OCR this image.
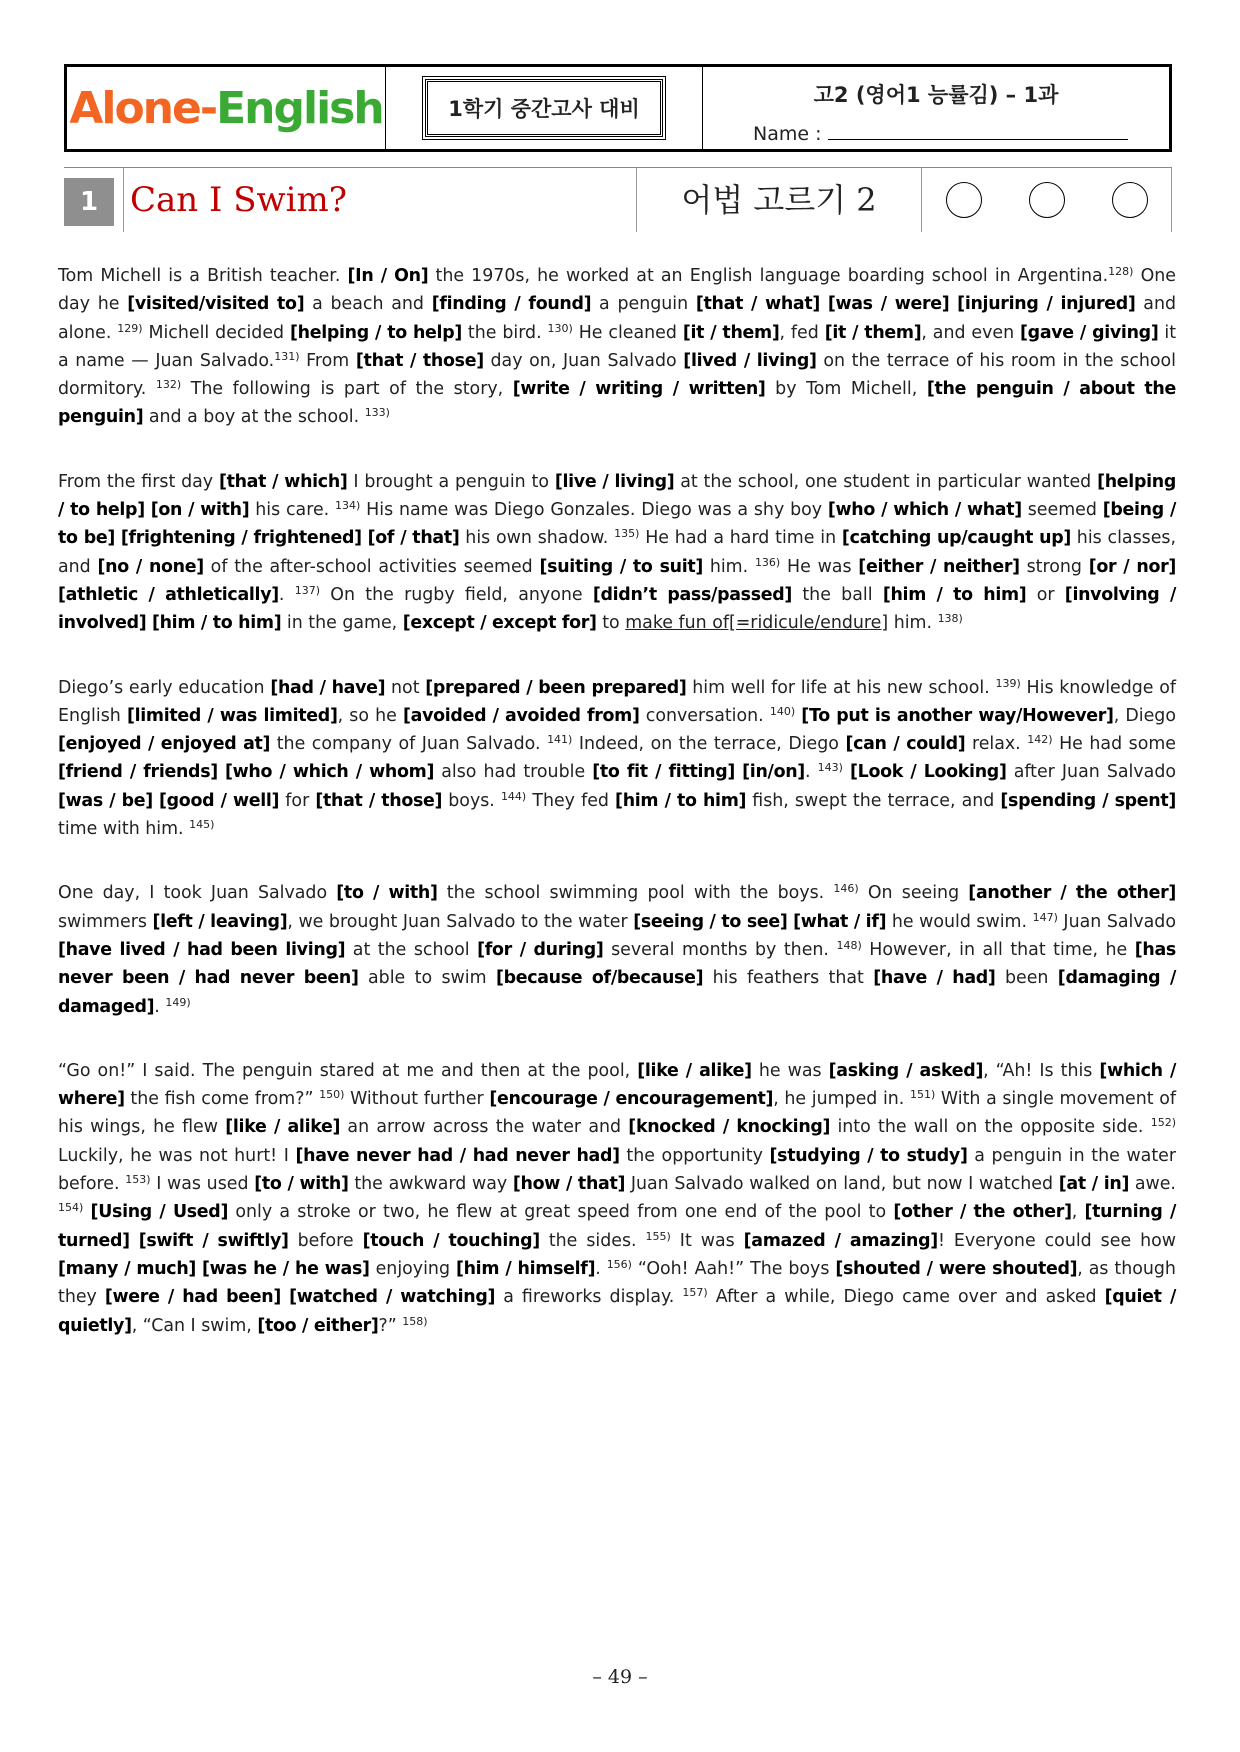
Alone - English	1학기 중간고사 대비
고2 (영어1 능률김) – 1과
Name :
1 Can I Swim?	어법 고르기 2

Tom Michell is a British teacher. [In / On] the 1970s, he worked at an English language boarding school in Argentina.$^{128)}$ One day he [visited/visited to] a beach and [finding / found] a penguin [that / what] [was / were] [injuring / injured] and alone. $^{129)}$ Michell decided [helping / to help] the bird. $^{130)}$ He cleaned [it / them], fed [it / them], and even [gave / giving] it a name — Juan Salvado.$^{131)}$ From [that / those] day on, Juan Salvado [lived / living] on the terrace of his room in the school dormitory. $^{132)}$ The following is part of the story, [write / writing / written] by Tom Michell, [the penguin / about the penguin] and a boy at the school. $^{133)}$

From the first day [that / which] I brought a penguin to [live / living] at the school, one student in particular wanted [helping / to help] [on / with] his care. $^{134)}$ His name was Diego Gonzales. Diego was a shy boy [who / which / what] seemed [being / to be] [frightening / frightened] [of / that] his own shadow. $^{135)}$ He had a hard time in [catching up/caught up] his classes, and [no / none] of the after-school activities seemed [suiting / to suit] him. $^{136)}$ He was [either / neither] strong [or / nor] [athletic / athletically]. $^{137)}$ On the rugby field, anyone [didn’t pass/passed] the ball [him / to him] or [involving / involved] [him / to him] in the game, [except / except for] to make fun of[=ridicule/endure] him. $^{138)}$

Diego’s early education [had / have] not [prepared / been prepared] him well for life at his new school. $^{139)}$ His knowledge of English [limited / was limited], so he [avoided / avoided from] conversation. $^{140)}$ [To put is another way/However], Diego [enjoyed / enjoyed at] the company of Juan Salvado. $^{141)}$ Indeed, on the terrace, Diego [can / could] relax. $^{142)}$ He had some [friend / friends] [who / which / whom] also had trouble [to fit / fitting] [in/on]. $^{143)}$ [Look / Looking] after Juan Salvado [was / be] [good / well] for [that / those] boys. $^{144)}$ They fed [him / to him] fish, swept the terrace, and [spending / spent] time with him. $^{145)}$

One day, I took Juan Salvado [to / with] the school swimming pool with the boys. $^{146)}$ On seeing [another / the other] swimmers [left / leaving], we brought Juan Salvado to the water [seeing / to see] [what / if] he would swim. $^{147)}$ Juan Salvado [have lived / had been living] at the school [for / during] several months by then. $^{148)}$ However, in all that time, he [has never been / had never been] able to swim [because of/because] his feathers that [have / had] been [damaging / damaged]. $^{149)}$

“Go on!” I said. The penguin stared at me and then at the pool, [like / alike] he was [asking / asked], “Ah! Is this [which / where] the fish come from?” $^{150)}$ Without further [encourage / encouragement], he jumped in. $^{151)}$ With a single movement of his wings, he flew [like / alike] an arrow across the water and [knocked / knocking] into the wall on the opposite side. $^{152)}$ Luckily, he was not hurt! I [have never had / had never had] the opportunity [studying / to study] a penguin in the water before. $^{153)}$ I was used [to / with] the awkward way [how / that] Juan Salvado walked on land, but now I watched [at / in] awe. $^{154)}$ [Using / Used] only a stroke or two, he flew at great speed from one end of the pool to [other / the other], [turning / turned] [swift / swiftly] before [touch / touching] the sides. $^{155)}$ It was [amazed / amazing]! Everyone could see how [many / much] [was he / he was] enjoying [him / himself]. $^{156)}$ “Ooh! Aah!” The boys [shouted / were shouted], as though they [were / had been] [watched / watching] a fireworks display. $^{157)}$ After a while, Diego came over and asked [quiet / quietly], “Can I swim, [too / either]?” $^{158)}$

– 49 –
